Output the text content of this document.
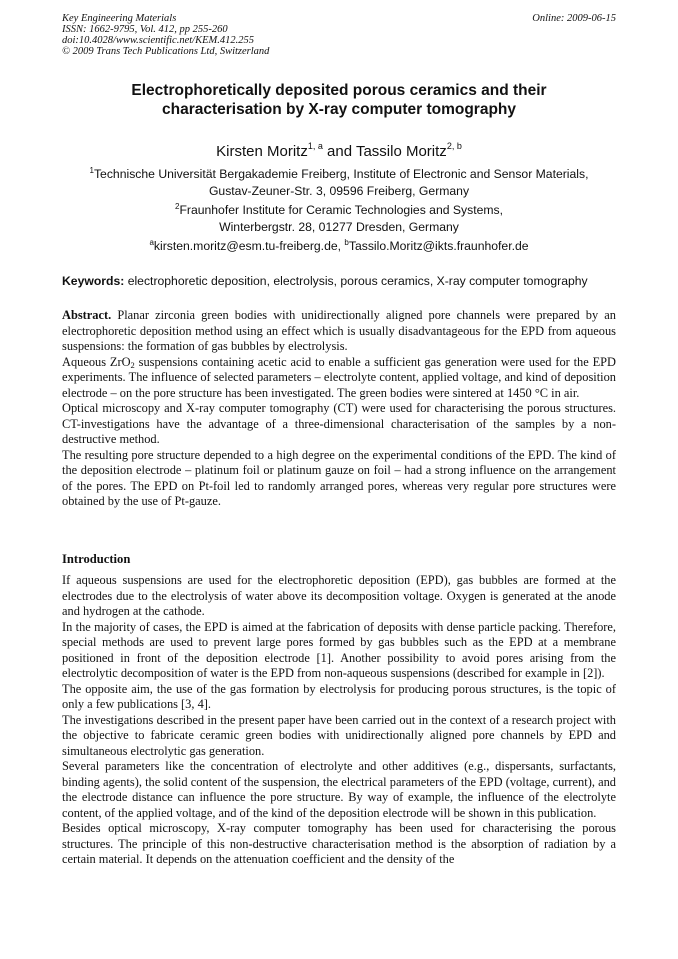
Key Engineering Materials
ISSN: 1662-9795, Vol. 412, pp 255-260
doi:10.4028/www.scientific.net/KEM.412.255
© 2009 Trans Tech Publications Ltd, Switzerland
Online: 2009-06-15
Electrophoretically deposited porous ceramics and their
characterisation by X-ray computer tomography
Kirsten Moritz$^{1, a}$ and Tassilo Moritz$^{2, b}$
$^1$Technische Universität Bergakademie Freiberg, Institute of Electronic and Sensor Materials,
Gustav-Zeuner-Str. 3, 09596 Freiberg, Germany
$^2$Fraunhofer Institute for Ceramic Technologies and Systems,
Winterbergstr. 28, 01277 Dresden, Germany
$^a$kirsten.moritz@esm.tu-freiberg.de, $^b$Tassilo.Moritz@ikts.fraunhofer.de
Keywords: electrophoretic deposition, electrolysis, porous ceramics, X-ray computer tomography

Abstract. Planar zirconia green bodies with unidirectionally aligned pore channels were prepared by an electrophoretic deposition method using an effect which is usually disadvantageous for the EPD from aqueous suspensions: the formation of gas bubbles by electrolysis.

Aqueous ZrO$_2$ suspensions containing acetic acid to enable a sufficient gas generation were used for the EPD experiments. The influence of selected parameters – electrolyte content, applied voltage, and kind of deposition electrode – on the pore structure has been investigated. The green bodies were sintered at 1450 °C in air.

Optical microscopy and X-ray computer tomography (CT) were used for characterising the porous structures. CT-investigations have the advantage of a three-dimensional characterisation of the samples by a non-destructive method.

The resulting pore structure depended to a high degree on the experimental conditions of the EPD. The kind of the deposition electrode – platinum foil or platinum gauze on foil – had a strong influence on the arrangement of the pores. The EPD on Pt-foil led to randomly arranged pores, whereas very regular pore structures were obtained by the use of Pt-gauze.

Introduction

If aqueous suspensions are used for the electrophoretic deposition (EPD), gas bubbles are formed at the electrodes due to the electrolysis of water above its decomposition voltage. Oxygen is generated at the anode and hydrogen at the cathode.

In the majority of cases, the EPD is aimed at the fabrication of deposits with dense particle packing. Therefore, special methods are used to prevent large pores formed by gas bubbles such as the EPD at a membrane positioned in front of the deposition electrode [1]. Another possibility to avoid pores arising from the electrolytic decomposition of water is the EPD from non-aqueous suspensions (described for example in [2]).

The opposite aim, the use of the gas formation by electrolysis for producing porous structures, is the topic of only a few publications [3, 4].

The investigations described in the present paper have been carried out in the context of a research project with the objective to fabricate ceramic green bodies with unidirectionally aligned pore channels by EPD and simultaneous electrolytic gas generation.

Several parameters like the concentration of electrolyte and other additives (e.g., dispersants, surfactants, binding agents), the solid content of the suspension, the electrical parameters of the EPD (voltage, current), and the electrode distance can influence the pore structure. By way of example, the influence of the electrolyte content, of the applied voltage, and of the kind of the deposition electrode will be shown in this publication.

Besides optical microscopy, X-ray computer tomography has been used for characterising the porous structures. The principle of this non-destructive characterisation method is the absorption of radiation by a certain material. It depends on the attenuation coefficient and the density of the
